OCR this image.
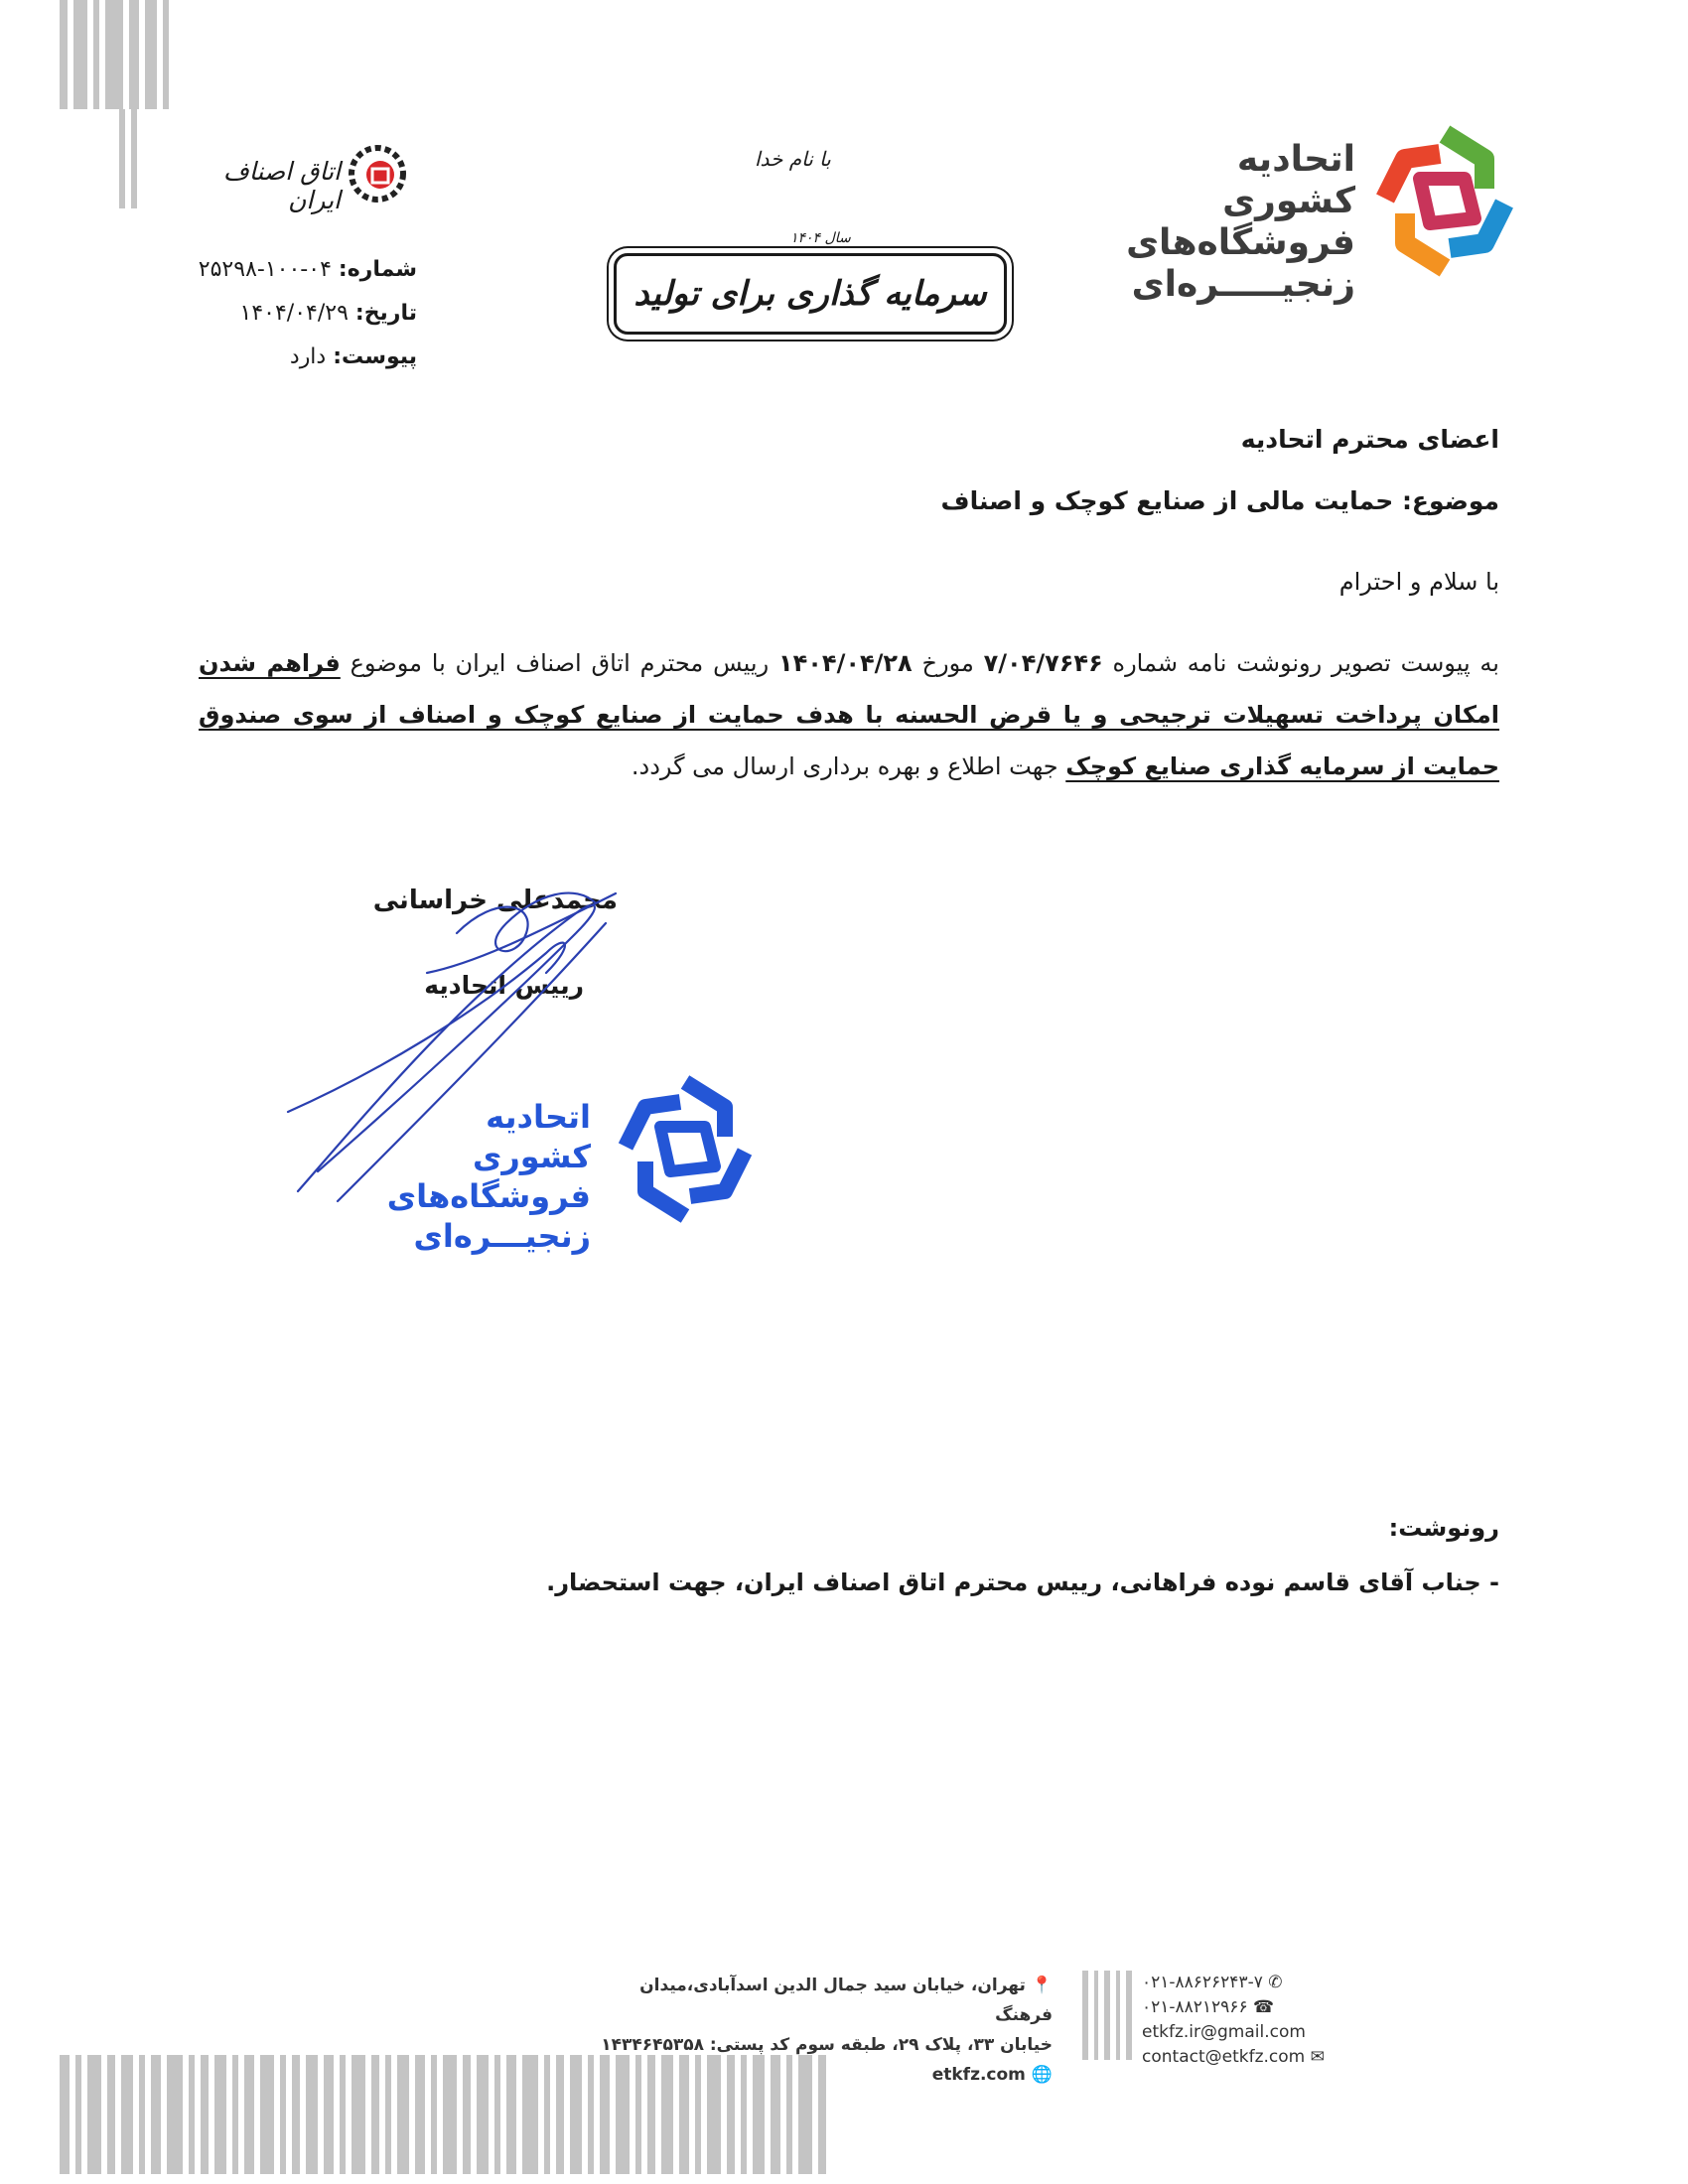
اتاق اصناف ایران
با نام خدا
سرمایه گذاری برای تولید
سال ۱۴۰۴
اتحادیه کشوری
فروشگاه‌های
زنجیـــــره‌ای
شماره: ۰۴-۱۰۰-۲۵۲۹۸
تاریخ: ۱۴۰۴/۰۴/۲۹
پیوست: دارد
اعضای محترم اتحادیه
موضوع: حمایت مالی از صنایع کوچک و اصناف
با سلام و احترام
به پیوست تصویر رونوشت نامه شماره ۷/۰۴/۷۶۴۶ مورخ ۱۴۰۴/۰۴/۲۸ رییس محترم اتاق اصناف ایران با موضوع فراهم شدن امکان پرداخت تسهیلات ترجیحی و یا قرض الحسنه با هدف حمایت از صنایع کوچک و اصناف از سوی صندوق حمایت از سرمایه گذاری صنایع کوچک جهت اطلاع و بهره برداری ارسال می گردد.
محمدعلی خراسانی
رییس اتحادیه
اتحادیه کشوری
فروشگاه‌های
زنجیـــره‌ای
رونوشت:
- جناب آقای قاسم نوده فراهانی، رییس محترم اتاق اصناف ایران، جهت استحضار.
📍 تهران، خیابان سید جمال الدین اسدآبادی،میدان فرهنگ
خیابان ۳۳، پلاک ۲۹، طبقه سوم کد پستی: ۱۴۳۴۶۴۵۳۵۸
🌐 etkfz.com
۰۲۱-۸۸۶۲۶۲۴۳-۷ ✆
۰۲۱-۸۸۲۱۲۹۶۶ ☎
etkfz.ir@gmail.com
contact@etkfz.com ✉
